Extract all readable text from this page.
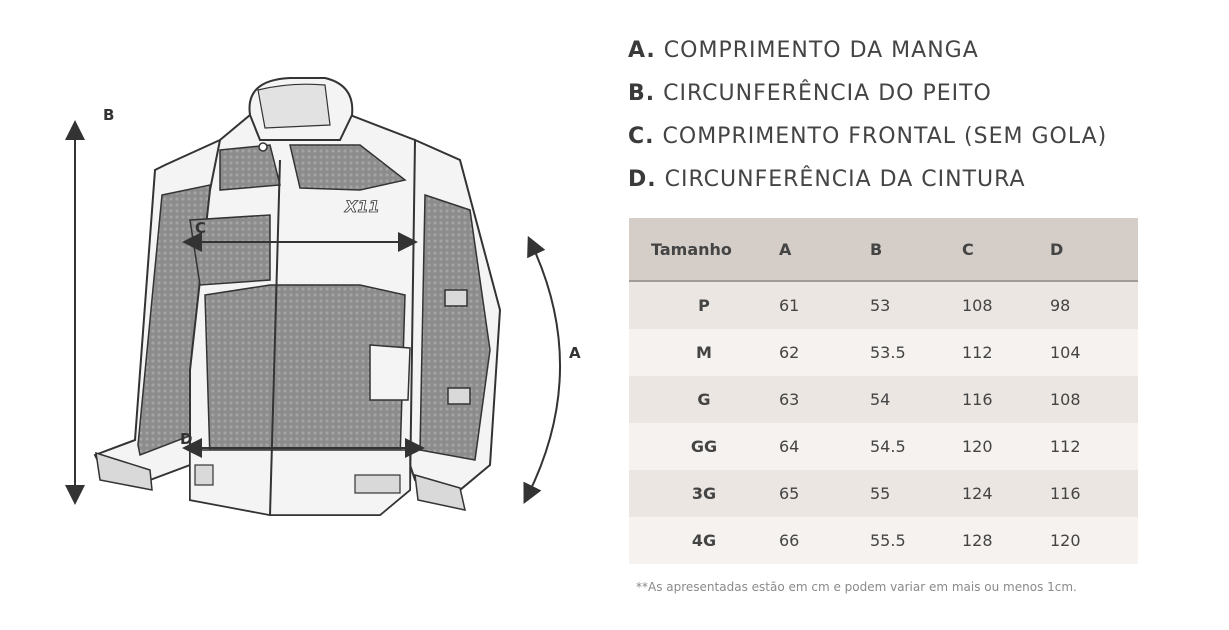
X11
B
C
A
D
A. COMPRIMENTO DA MANGA
B. CIRCUNFERÊNCIA DO PEITO
C. COMPRIMENTO FRONTAL (SEM GOLA)
D. CIRCUNFERÊNCIA DA CINTURA
Tamanho	A	B	C	D
P	61	53	108	98
M	62	53.5	112	104
G	63	54	116	108
GG	64	54.5	120	112
3G	65	55	124	116
4G	66	55.5	128	120
**As apresentadas estão em cm e podem variar em mais ou menos 1cm.
